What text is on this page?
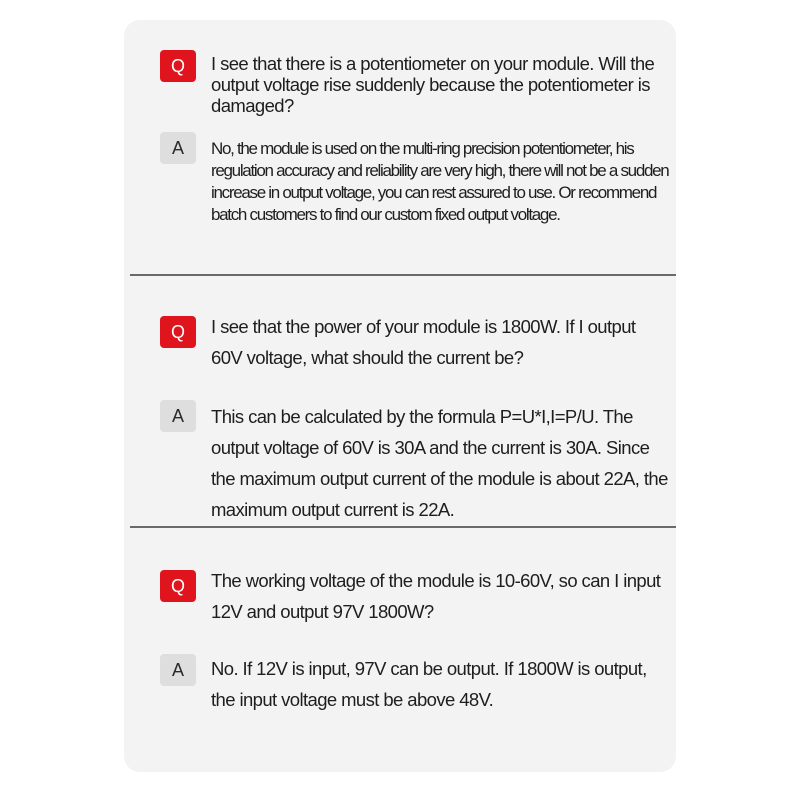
Q	I see that there is a potentiometer on your module. Will the output voltage rise suddenly because the potentiometer is damaged?

A	No, the module is used on the multi-ring precision potentiometer, his regulation accuracy and reliability are very high, there will not be a sudden increase in output voltage, you can rest assured to use. Or recommend batch customers to find our custom fixed output voltage.

Q	I see that the power of your module is 1800W. If I output 60V voltage, what should the current be?

A	This can be calculated by the formula P=U*I,I=P/U. The output voltage of 60V is 30A and the current is 30A. Since the maximum output current of the module is about 22A, the maximum output current is 22A.

Q	The working voltage of the module is 10-60V, so can I input 12V and output 97V 1800W?

A	No. If 12V is input, 97V can be output. If 1800W is output, the input voltage must be above 48V.
